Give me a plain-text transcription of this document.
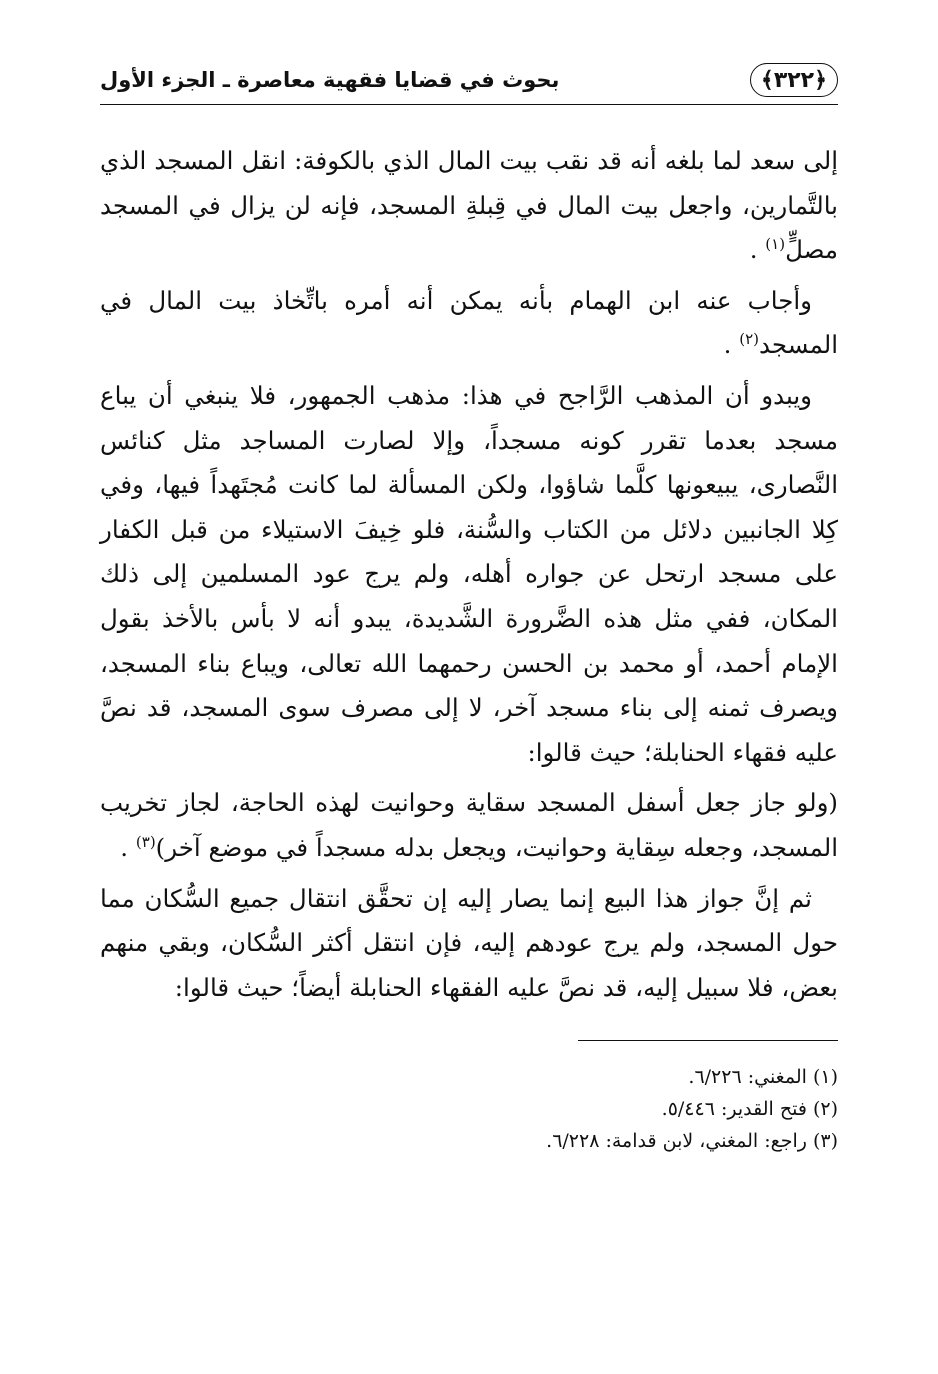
﴿٣٢٢﴾
بحوث في قضايا فقهية معاصرة ـ الجزء الأول

إلى سعد لما بلغه أنه قد نقب بيت المال الذي بالكوفة: انقل المسجد الذي بالتَّمارين، واجعل بيت المال في قِبلةِ المسجد، فإنه لن يزال في المسجد مصلٍّ$^{(١)}$ .

وأجاب عنه ابن الهمام بأنه يمكن أنه أمره باتِّخاذ بيت المال في المسجد$^{(٢)}$ .

ويبدو أن المذهب الرَّاجح في هذا: مذهب الجمهور، فلا ينبغي أن يباع مسجد بعدما تقرر كونه مسجداً، وإلا لصارت المساجد مثل كنائس النَّصارى، يبيعونها كلَّما شاؤوا، ولكن المسألة لما كانت مُجتَهداً فيها، وفي كِلا الجانبين دلائل من الكتاب والسُّنة، فلو خِيفَ الاستيلاء من قبل الكفار على مسجد ارتحل عن جواره أهله، ولم يرج عود المسلمين إلى ذلك المكان، ففي مثل هذه الضَّرورة الشَّديدة، يبدو أنه لا بأس بالأخذ بقول الإمام أحمد، أو محمد بن الحسن رحمهما الله تعالى، ويباع بناء المسجد، ويصرف ثمنه إلى بناء مسجد آخر، لا إلى مصرف سوى المسجد، قد نصَّ عليه فقهاء الحنابلة؛ حيث قالوا:

(ولو جاز جعل أسفل المسجد سقاية وحوانيت لهذه الحاجة، لجاز تخريب المسجد، وجعله سِقاية وحوانيت، ويجعل بدله مسجداً في موضع آخر)$^{(٣)}$ .

ثم إنَّ جواز هذا البيع إنما يصار إليه إن تحقَّق انتقال جميع السُّكان مما حول المسجد، ولم يرج عودهم إليه، فإن انتقل أكثر السُّكان، وبقي منهم بعض، فلا سبيل إليه، قد نصَّ عليه الفقهاء الحنابلة أيضاً؛ حيث قالوا:

(١) المغني: ٦/٢٢٦.

(٢) فتح القدير: ٥/٤٤٦.

(٣) راجع: المغني، لابن قدامة: ٦/٢٢٨.
